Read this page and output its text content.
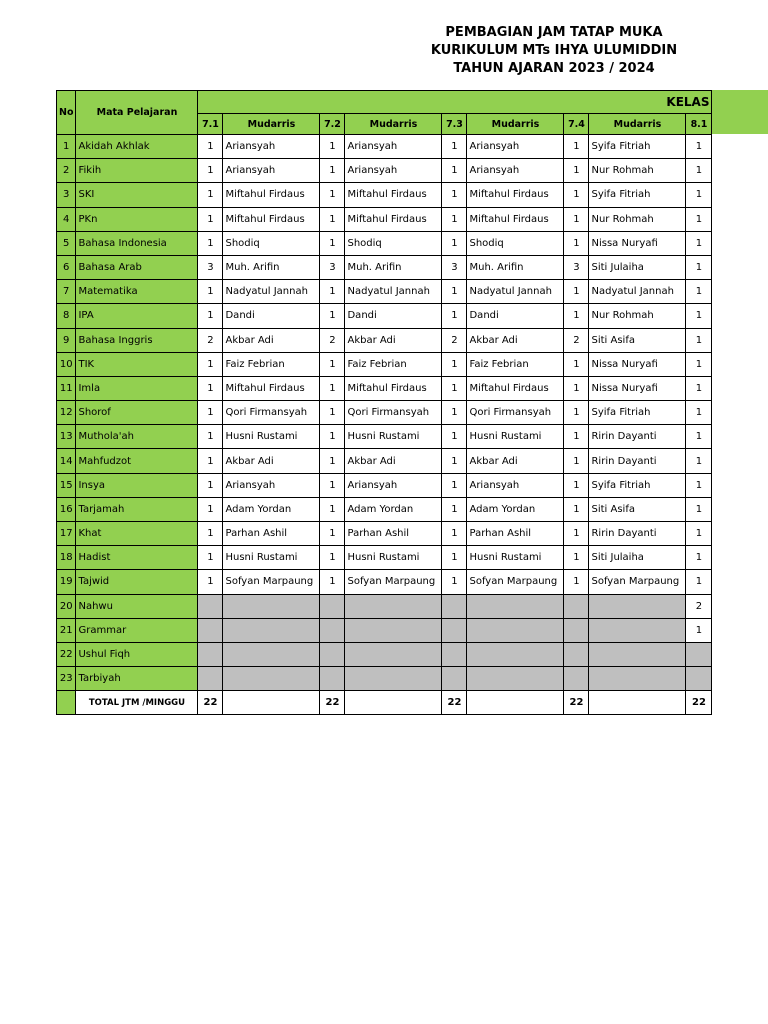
PEMBAGIAN JAM TATAP MUKA
KURIKULUM MTs IHYA ULUMIDDIN
TAHUN AJARAN 2023 / 2024
No	Mata Pelajaran	KELAS								
		7.1	Mudarris	7.2	Mudarris	7.3	Mudarris	7.4	Mudarris	8.1
1	Akidah Akhlak	1	Ariansyah	1	Ariansyah	1	Ariansyah	1	Syifa Fitriah	1
2	Fikih	1	Ariansyah	1	Ariansyah	1	Ariansyah	1	Nur Rohmah	1
3	SKI	1	Miftahul Firdaus	1	Miftahul Firdaus	1	Miftahul Firdaus	1	Syifa Fitriah	1
4	PKn	1	Miftahul Firdaus	1	Miftahul Firdaus	1	Miftahul Firdaus	1	Nur Rohmah	1
5	Bahasa Indonesia	1	Shodiq	1	Shodiq	1	Shodiq	1	Nissa Nuryafi	1
6	Bahasa Arab	3	Muh. Arifin	3	Muh. Arifin	3	Muh. Arifin	3	Siti Julaiha	1
7	Matematika	1	Nadyatul Jannah	1	Nadyatul Jannah	1	Nadyatul Jannah	1	Nadyatul Jannah	1
8	IPA	1	Dandi	1	Dandi	1	Dandi	1	Nur Rohmah	1
9	Bahasa Inggris	2	Akbar Adi	2	Akbar Adi	2	Akbar Adi	2	Siti Asifa	1
10	TIK	1	Faiz Febrian	1	Faiz Febrian	1	Faiz Febrian	1	Nissa Nuryafi	1
11	Imla	1	Miftahul Firdaus	1	Miftahul Firdaus	1	Miftahul Firdaus	1	Nissa Nuryafi	1
12	Shorof	1	Qori Firmansyah	1	Qori Firmansyah	1	Qori Firmansyah	1	Syifa Fitriah	1
13	Muthola'ah	1	Husni Rustami	1	Husni Rustami	1	Husni Rustami	1	Ririn Dayanti	1
14	Mahfudzot	1	Akbar Adi	1	Akbar Adi	1	Akbar Adi	1	Ririn Dayanti	1
15	Insya	1	Ariansyah	1	Ariansyah	1	Ariansyah	1	Syifa Fitriah	1
16	Tarjamah	1	Adam Yordan	1	Adam Yordan	1	Adam Yordan	1	Siti Asifa	1
17	Khat	1	Parhan Ashil	1	Parhan Ashil	1	Parhan Ashil	1	Ririn Dayanti	1
18	Hadist	1	Husni Rustami	1	Husni Rustami	1	Husni Rustami	1	Siti Julaiha	1
19	Tajwid	1	Sofyan Marpaung	1	Sofyan Marpaung	1	Sofyan Marpaung	1	Sofyan Marpaung	1
20	Nahwu									2
21	Grammar									1
22	Ushul Fiqh									
23	Tarbiyah									
	TOTAL JTM /MINGGU	22		22		22		22		22
